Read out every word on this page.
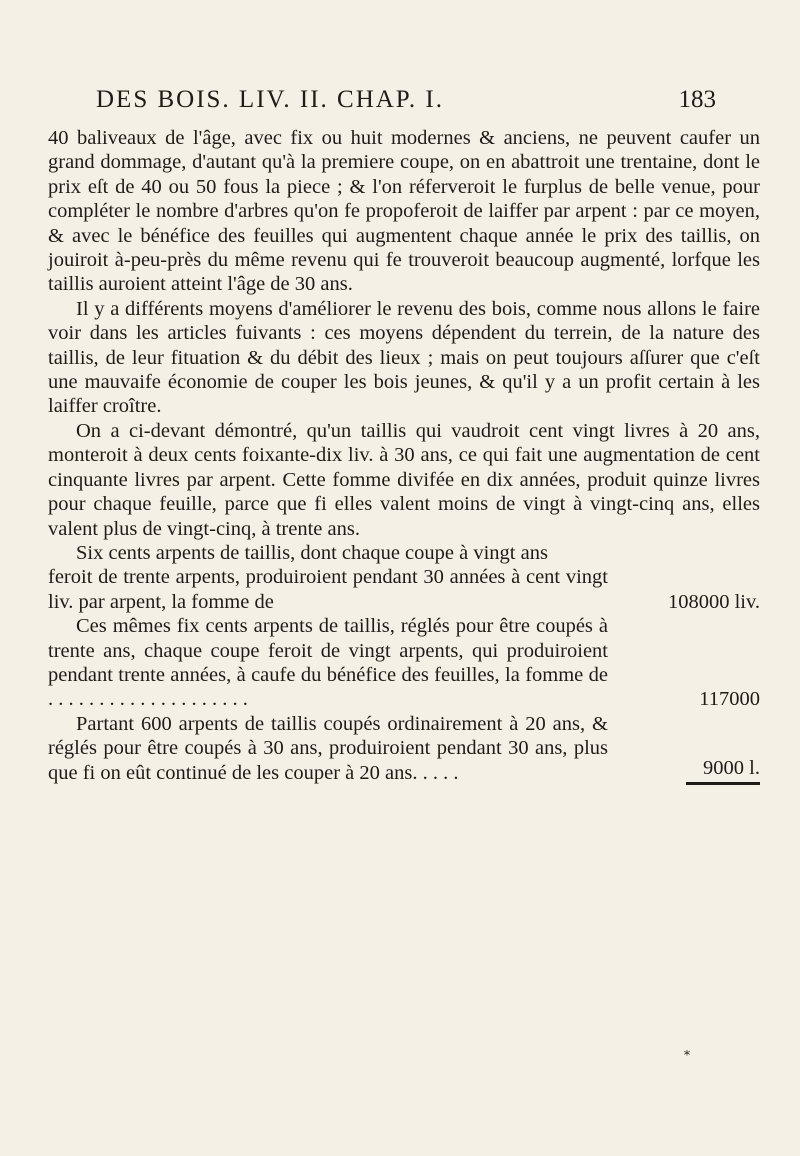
DES BOIS. LIV. II. CHAP. I.	183

40 baliveaux de l'âge, avec fix ou huit modernes & anciens, ne peuvent caufer un grand dommage, d'autant qu'à la premiere coupe, on en abattroit une trentaine, dont le prix eſt de 40 ou 50 fous la piece ; & l'on réferveroit le furplus de belle venue, pour compléter le nombre d'arbres qu'on fe propoferoit de laiffer par arpent : par ce moyen, & avec le bénéfice des feuilles qui augmentent chaque année le prix des taillis, on jouiroit à-peu-près du même revenu qui fe trouveroit beaucoup augmenté, lorfque les taillis auroient atteint l'âge de 30 ans.

Il y a différents moyens d'améliorer le revenu des bois, comme nous allons le faire voir dans les articles fuivants : ces moyens dépendent du terrein, de la nature des taillis, de leur fituation & du débit des lieux ; mais on peut toujours aſſurer que c'eſt une mauvaife économie de couper les bois jeunes, & qu'il y a un profit certain à les laiffer croître.

On a ci-devant démontré, qu'un taillis qui vaudroit cent vingt livres à 20 ans, monteroit à deux cents foixante-dix liv. à 30 ans, ce qui fait une augmentation de cent cinquante livres par arpent. Cette fomme divifée en dix années, produit quinze livres pour chaque feuille, parce que fi elles valent moins de vingt à vingt-cinq ans, elles valent plus de vingt-cinq, à trente ans.

Six cents arpents de taillis, dont chaque coupe à vingt ans

feroit de trente arpents, produiroient pendant 30 années à cent vingt liv. par arpent, la fomme de	108000 liv.
Ces mêmes fix cents arpents de taillis, réglés pour être coupés à trente ans, chaque coupe feroit de vingt arpents, qui produiroient pendant trente années, à caufe du bénéfice des feuilles, la fomme de . . . . . . . . . . . . . . . . . . . .	117000
Partant 600 arpents de taillis coupés ordinairement à 20 ans, & réglés pour être coupés à 30 ans, produiroient pendant 30 ans, plus que fi on eût continué de les couper à 20 ans. . . . .	9000 l.
*
